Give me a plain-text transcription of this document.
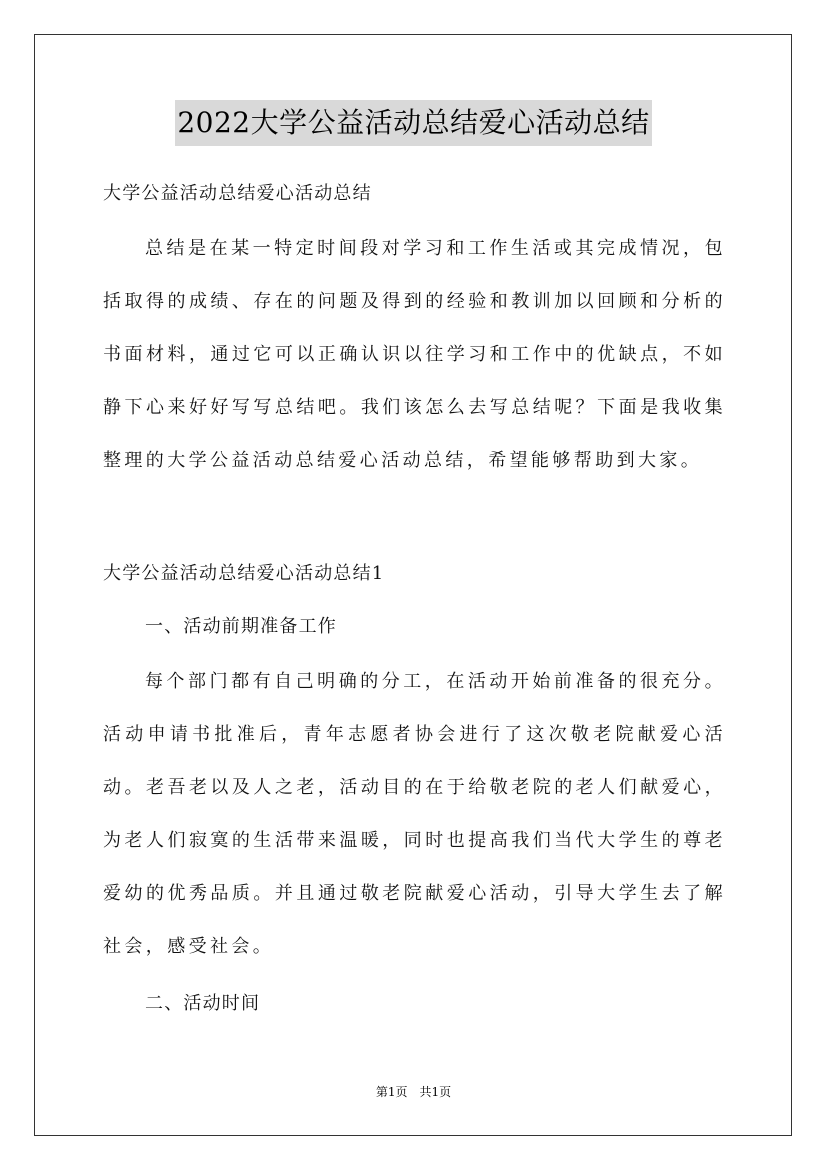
2022大学公益活动总结爱心活动总结
大学公益活动总结爱心活动总结
总结是在某一特定时间段对学习和工作生活或其完成情况，包括取得的成绩、存在的问题及得到的经验和教训加以回顾和分析的书面材料，通过它可以正确认识以往学习和工作中的优缺点，不如静下心来好好写写总结吧。我们该怎么去写总结呢？下面是我收集整理的大学公益活动总结爱心活动总结，希望能够帮助到大家。
大学公益活动总结爱心活动总结1
一、活动前期准备工作
每个部门都有自己明确的分工，在活动开始前准备的很充分。活动申请书批准后，青年志愿者协会进行了这次敬老院献爱心活动。老吾老以及人之老，活动目的在于给敬老院的老人们献爱心，为老人们寂寞的生活带来温暖，同时也提高我们当代大学生的尊老爱幼的优秀品质。并且通过敬老院献爱心活动，引导大学生去了解社会，感受社会。
二、活动时间
第1页　共1页
